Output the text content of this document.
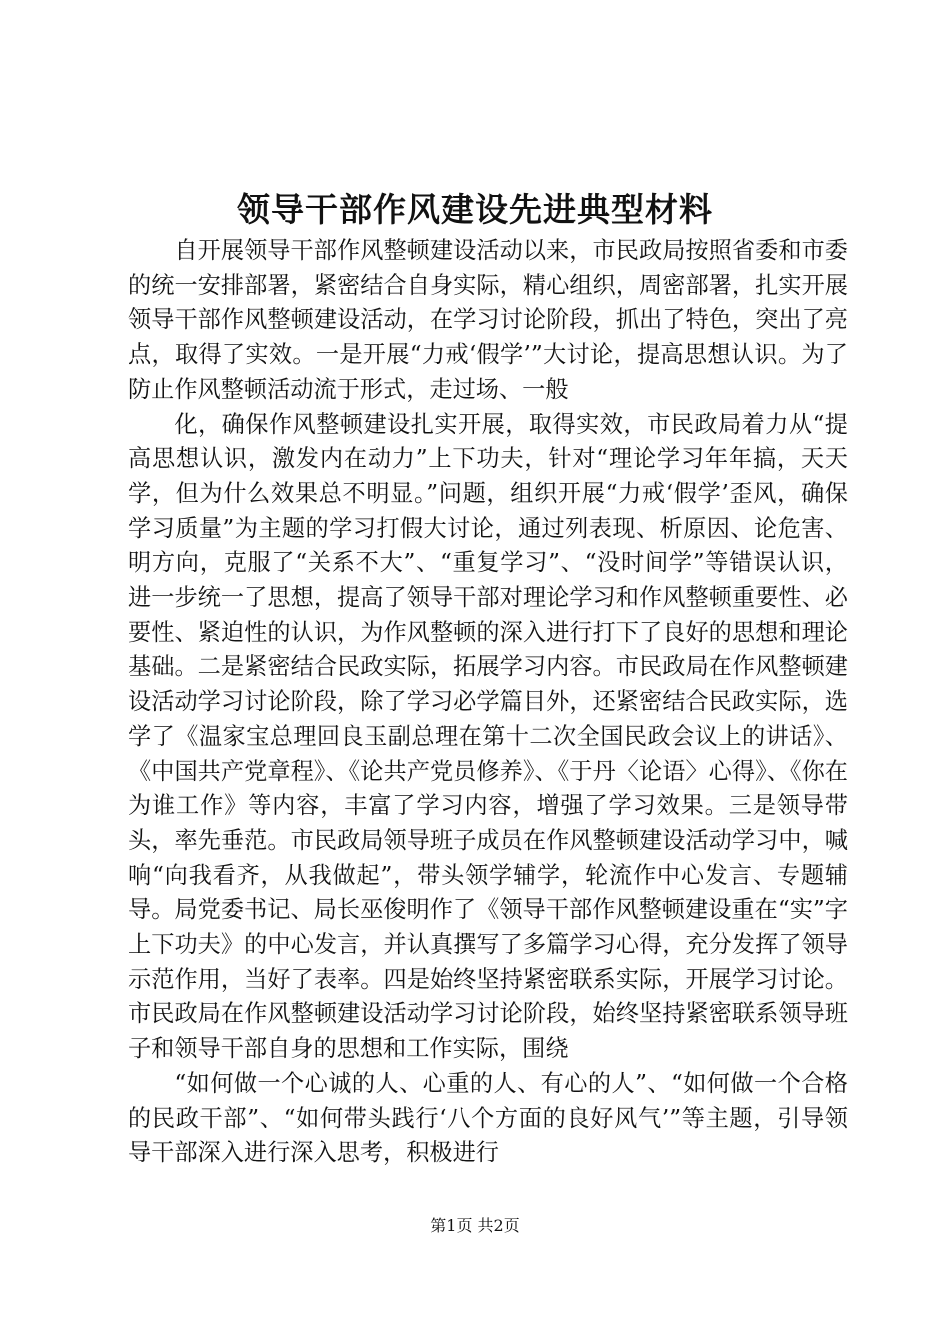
领导干部作风建设先进典型材料

自开展领导干部作风整顿建设活动以来，市民政局按照省委和市委的统一安排部署，紧密结合自身实际，精心组织，周密部署，扎实开展领导干部作风整顿建设活动，在学习讨论阶段，抓出了特色，突出了亮点，取得了实效。一是开展“力戒‘假学’”大讨论，提高思想认识。为了防止作风整顿活动流于形式，走过场、一般

化，确保作风整顿建设扎实开展，取得实效，市民政局着力从“提高思想认识，激发内在动力”上下功夫，针对“理论学习年年搞，天天学，但为什么效果总不明显。”问题，组织开展“力戒‘假学’歪风，确保学习质量”为主题的学习打假大讨论，通过列表现、析原因、论危害、明方向，克服了“关系不大”、“重复学习”、“没时间学”等错误认识，进一步统一了思想，提高了领导干部对理论学习和作风整顿重要性、必要性、紧迫性的认识，为作风整顿的深入进行打下了良好的思想和理论基础。二是紧密结合民政实际，拓展学习内容。市民政局在作风整顿建设活动学习讨论阶段，除了学习必学篇目外，还紧密结合民政实际，选学了《温家宝总理回良玉副总理在第十二次全国民政会议上的讲话》、《中国共产党章程》、《论共产党员修养》、《于丹〈论语〉心得》、《你在为谁工作》等内容，丰富了学习内容，增强了学习效果。三是领导带头，率先垂范。市民政局领导班子成员在作风整顿建设活动学习中，喊响“向我看齐，从我做起”，带头领学辅学，轮流作中心发言、专题辅导。局党委书记、局长巫俊明作了《领导干部作风整顿建设重在“实”字上下功夫》的中心发言，并认真撰写了多篇学习心得，充分发挥了领导示范作用，当好了表率。四是始终坚持紧密联系实际，开展学习讨论。市民政局在作风整顿建设活动学习讨论阶段，始终坚持紧密联系领导班子和领导干部自身的思想和工作实际，围绕

“如何做一个心诚的人、心重的人、有心的人”、“如何做一个合格的民政干部”、“如何带头践行‘八个方面的良好风气’”等主题，引导领导干部深入进行深入思考，积极进行

第1页 共2页
